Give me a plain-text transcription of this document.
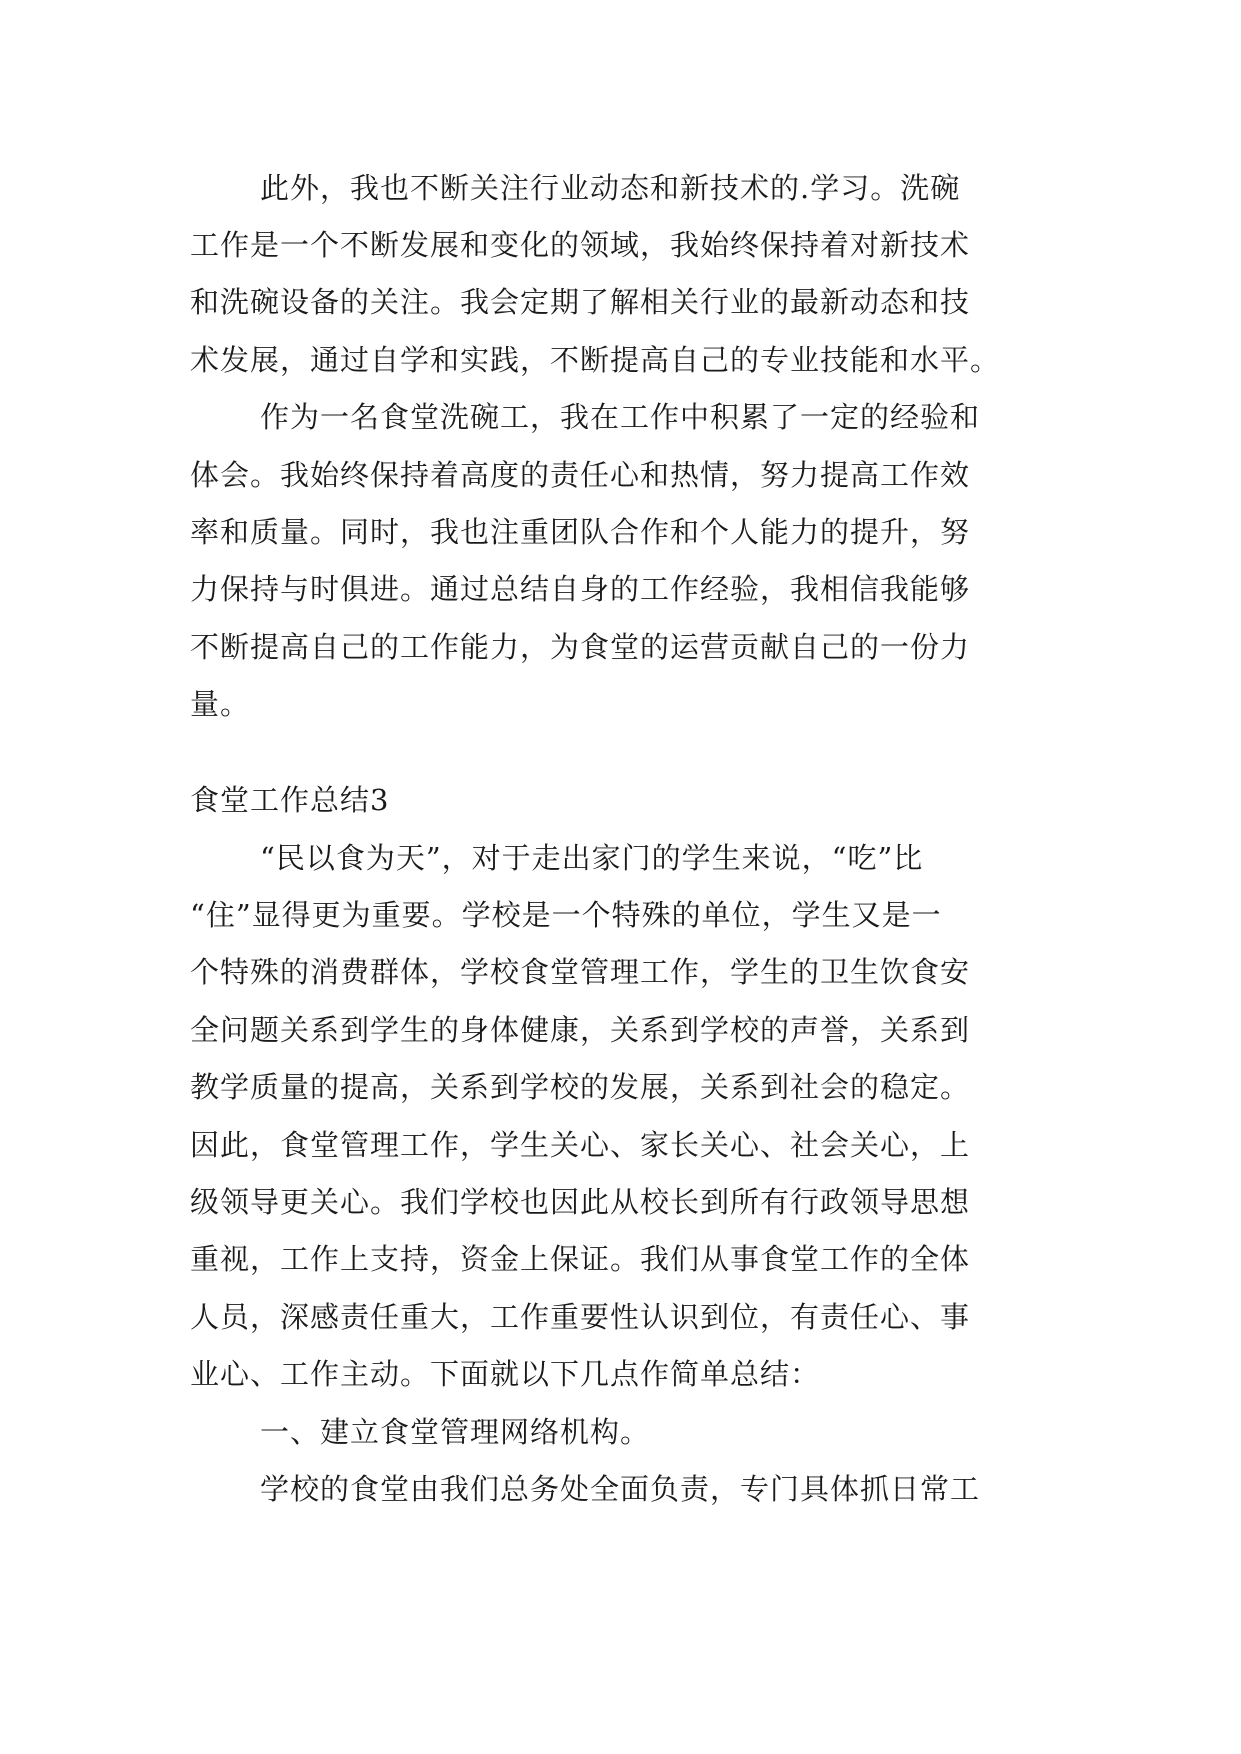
此外，我也不断关注行业动态和新技术的.学习。洗碗
工作是一个不断发展和变化的领域，我始终保持着对新技术
和洗碗设备的关注。我会定期了解相关行业的最新动态和技
术发展，通过自学和实践，不断提高自己的专业技能和水平。
作为一名食堂洗碗工，我在工作中积累了一定的经验和
体会。我始终保持着高度的责任心和热情，努力提高工作效
率和质量。同时，我也注重团队合作和个人能力的提升，努
力保持与时俱进。通过总结自身的工作经验，我相信我能够
不断提高自己的工作能力，为食堂的运营贡献自己的一份力
量。
食堂工作总结3
“民以食为天”，对于走出家门的学生来说，“吃”比
“住”显得更为重要。学校是一个特殊的单位，学生又是一
个特殊的消费群体，学校食堂管理工作，学生的卫生饮食安
全问题关系到学生的身体健康，关系到学校的声誉，关系到
教学质量的提高，关系到学校的发展，关系到社会的稳定。
因此，食堂管理工作，学生关心、家长关心、社会关心，上
级领导更关心。我们学校也因此从校长到所有行政领导思想
重视，工作上支持，资金上保证。我们从事食堂工作的全体
人员，深感责任重大，工作重要性认识到位，有责任心、事
业心、工作主动。下面就以下几点作简单总结：
一、建立食堂管理网络机构。
学校的食堂由我们总务处全面负责，专门具体抓日常工
